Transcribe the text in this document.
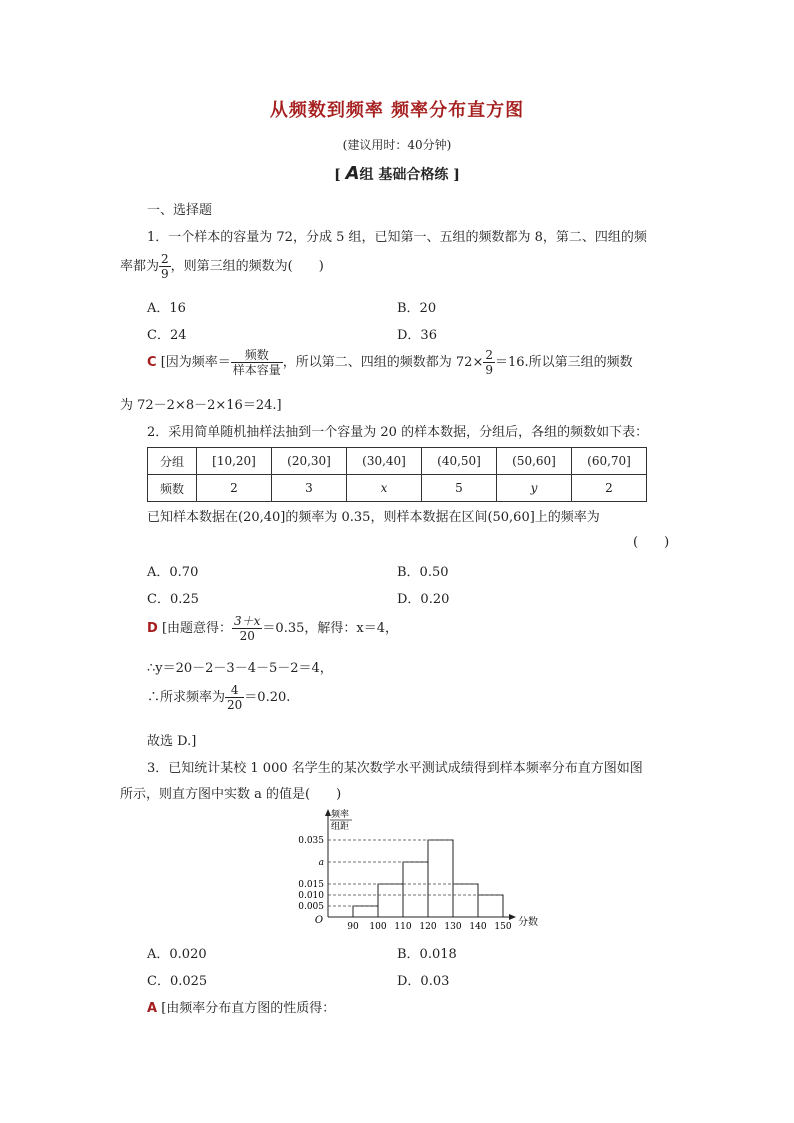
从频数到频率 频率分布直方图
(建议用时：40分钟)
[ A组 基础合格练 ]
一、选择题
1．一个样本的容量为 72，分成 5 组，已知第一、五组的频数都为 8，第二、四组的频
率都为 $\frac{2}{9}$ ，则第三组的频数为(　　)
A．16	B．20
C．24	D．36
C [因为频率＝ $\frac{\text{频数}}{\text{样本容量}}$ ，所以第二、四组的频数都为 $72\times \frac{2}{9} =16$.所以第三组的频数
为 72－2×8－2×16＝24.]
2．采用简单随机抽样法抽到一个容量为 20 的样本数据，分组后，各组的频数如下表：
分组	[10,20]	(20,30]	(30,40]	(40,50]	(50,60]	(60,70]
频数	2	3	x	5	y	2
已知样本数据在(20,40]的频率为 0.35，则样本数据在区间(50,60]上的频率为
(　　)
A．0.70	B．0.50
C．0.25	D．0.20
D [由题意得： $\frac{3+x}{20} =0.35$，解得：x＝4，
∴y＝20－2－3－4－5－2＝4，
∴所求频率为 $\frac{4}{20} =0.20$.
故选 D.]
3．已知统计某校 1 000 名学生的某次数学水平测试成绩得到样本频率分布直方图如图
所示，则直方图中实数 a 的值是(　　)
频率
组距
0.005
0.010
0.015
a
0.035
90 100 110 120 130 140 150
O	分数
A．0.020	B．0.018
C．0.025	D．0.03
A [由频率分布直方图的性质得：
